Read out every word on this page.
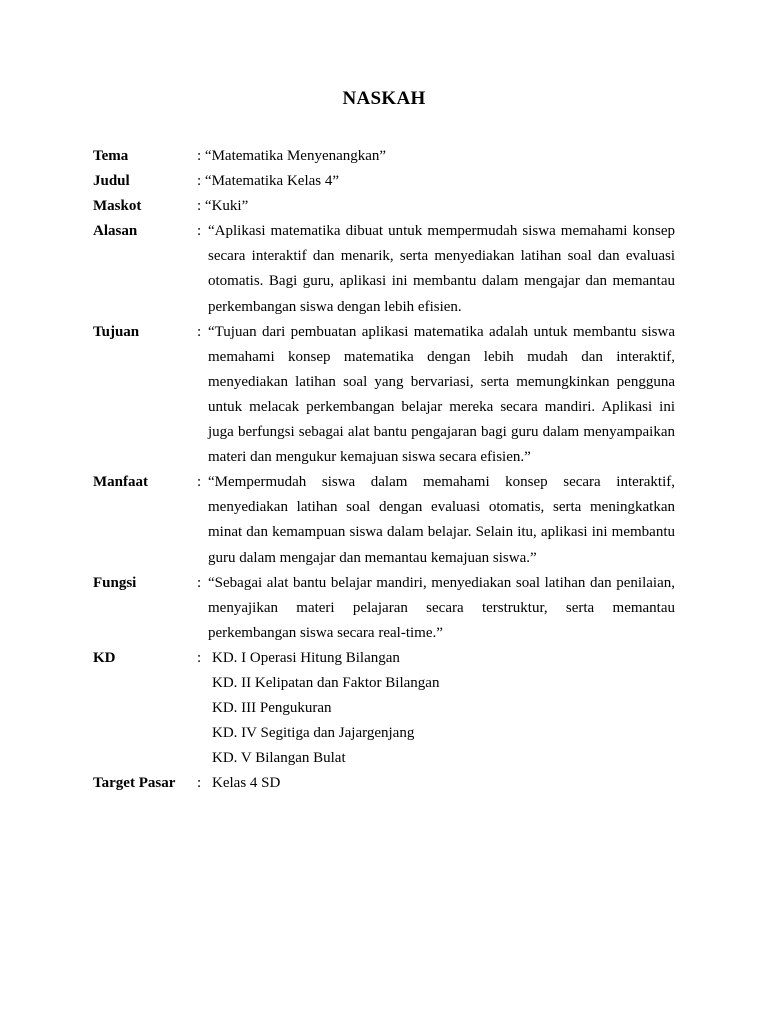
NASKAH
Tema	: “Matematika Menyenangkan”
Judul	: “Matematika Kelas 4”
Maskot	: “Kuki”
Alasan	: “Aplikasi matematika dibuat untuk mempermudah siswa memahami konsep secara interaktif dan menarik, serta menyediakan latihan soal dan evaluasi otomatis. Bagi guru, aplikasi ini membantu dalam mengajar dan memantau perkembangan siswa dengan lebih efisien.
Tujuan	: “Tujuan dari pembuatan aplikasi matematika adalah untuk membantu siswa memahami konsep matematika dengan lebih mudah dan interaktif, menyediakan latihan soal yang bervariasi, serta memungkinkan pengguna untuk melacak perkembangan belajar mereka secara mandiri. Aplikasi ini juga berfungsi sebagai alat bantu pengajaran bagi guru dalam menyampaikan materi dan mengukur kemajuan siswa secara efisien.”
Manfaat	: “Mempermudah siswa dalam memahami konsep secara interaktif, menyediakan latihan soal dengan evaluasi otomatis, serta meningkatkan minat dan kemampuan siswa dalam belajar. Selain itu, aplikasi ini membantu guru dalam mengajar dan memantau kemajuan siswa.”
Fungsi	: “Sebagai alat bantu belajar mandiri, menyediakan soal latihan dan penilaian, menyajikan materi pelajaran secara terstruktur, serta memantau perkembangan siswa secara real-time.”
KD	: KD. I Operasi Hitung Bilangan
KD. II Kelipatan dan Faktor Bilangan
KD. III Pengukuran
KD. IV Segitiga dan Jajargenjang
KD. V Bilangan Bulat
Target Pasar	: Kelas 4 SD
